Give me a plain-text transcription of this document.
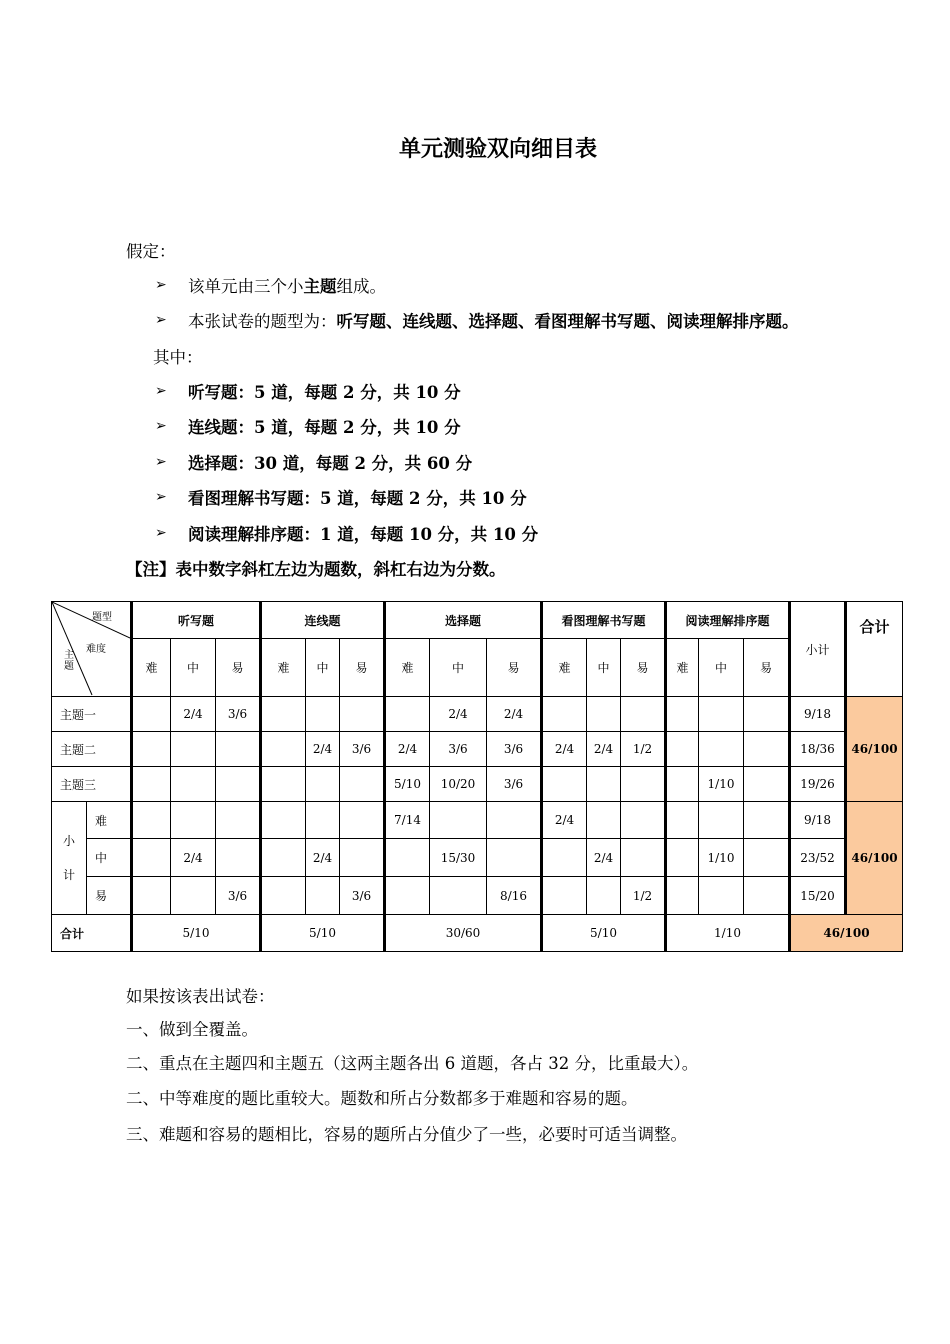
单元测验双向细目表
假定：
➢ 该单元由三个小主题组成。
➢ 本张试卷的题型为：听写题、连线题、选择题、看图理解书写题、阅读理解排序题。
其中：
➢ 听写题：5 道，每题 2 分，共 10 分
➢ 连线题：5 道，每题 2 分，共 10 分
➢ 选择题：30 道，每题 2 分，共 60 分
➢ 看图理解书写题：5 道，每题 2 分，共 10 分
➢ 阅读理解排序题：1 道，每题 10 分，共 10 分
【注】表中数字斜杠左边为题数，斜杠右边为分数。
题型
难度
主题		听写题			连线题			选择题			看图理解书写题			阅读理解排序题			小计	合计
		难	中	易	难	中	易	难	中	易	难	中	易	难	中	易		
主题一			2/4	3/6					2/4	2/4							9/18	46/100
主题二						2/4	3/6	2/4	3/6	3/6	2/4	2/4	1/2				18/36	
主题三								5/10	10/20	3/6					1/10		19/26	
小计	难							7/14			2/4						9/18	46/100
	中		2/4			2/4			15/30			2/4			1/10		23/52	
	易			3/6			3/6			8/16			1/2				15/20	
合计		5/10			5/10			30/60			5/10			1/10			46/100	
如果按该表出试卷：
一、做到全覆盖。
二、重点在主题四和主题五（这两主题各出 6 道题，各占 32 分，比重最大）。
二、中等难度的题比重较大。题数和所占分数都多于难题和容易的题。
三、难题和容易的题相比，容易的题所占分值少了一些，必要时可适当调整。
